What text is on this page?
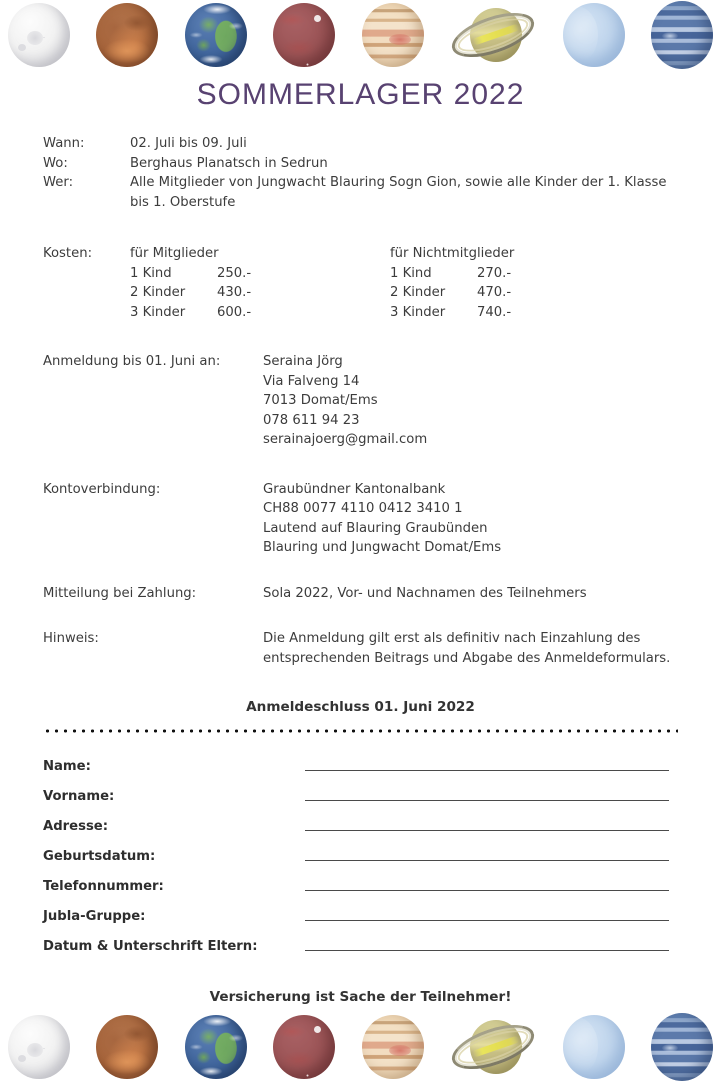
SOMMERLAGER 2022
Wann:	02. Juli bis 09. Juli
Wo:	Berghaus Planatsch in Sedrun
Wer:	Alle Mitglieder von Jungwacht Blauring Sogn Gion, sowie alle Kinder der 1. Klasse
bis 1. Oberstufe
Kosten:	für Mitglieder
1 Kind	250.-
2 Kinder	430.-
3 Kinder	600.-
für Nichtmitglieder
1 Kind	270.-
2 Kinder	470.-
3 Kinder	740.-
Anmeldung bis 01. Juni an:	Seraina Jörg
Via Falveng 14
7013 Domat/Ems
078 611 94 23
serainajoerg@gmail.com
Kontoverbindung:	Graubündner Kantonalbank
CH88 0077 4110 0412 3410 1
Lautend auf Blauring Graubünden
Blauring und Jungwacht Domat/Ems
Mitteilung bei Zahlung:	Sola 2022, Vor- und Nachnamen des Teilnehmers
Hinweis:	Die Anmeldung gilt erst als definitiv nach Einzahlung des
entsprechenden Beitrags und Abgabe des Anmeldeformulars.
Anmeldeschluss 01. Juni 2022
Name:
Vorname:
Adresse:
Geburtsdatum:
Telefonnummer:
Jubla-Gruppe:
Datum & Unterschrift Eltern:
Versicherung ist Sache der Teilnehmer!
